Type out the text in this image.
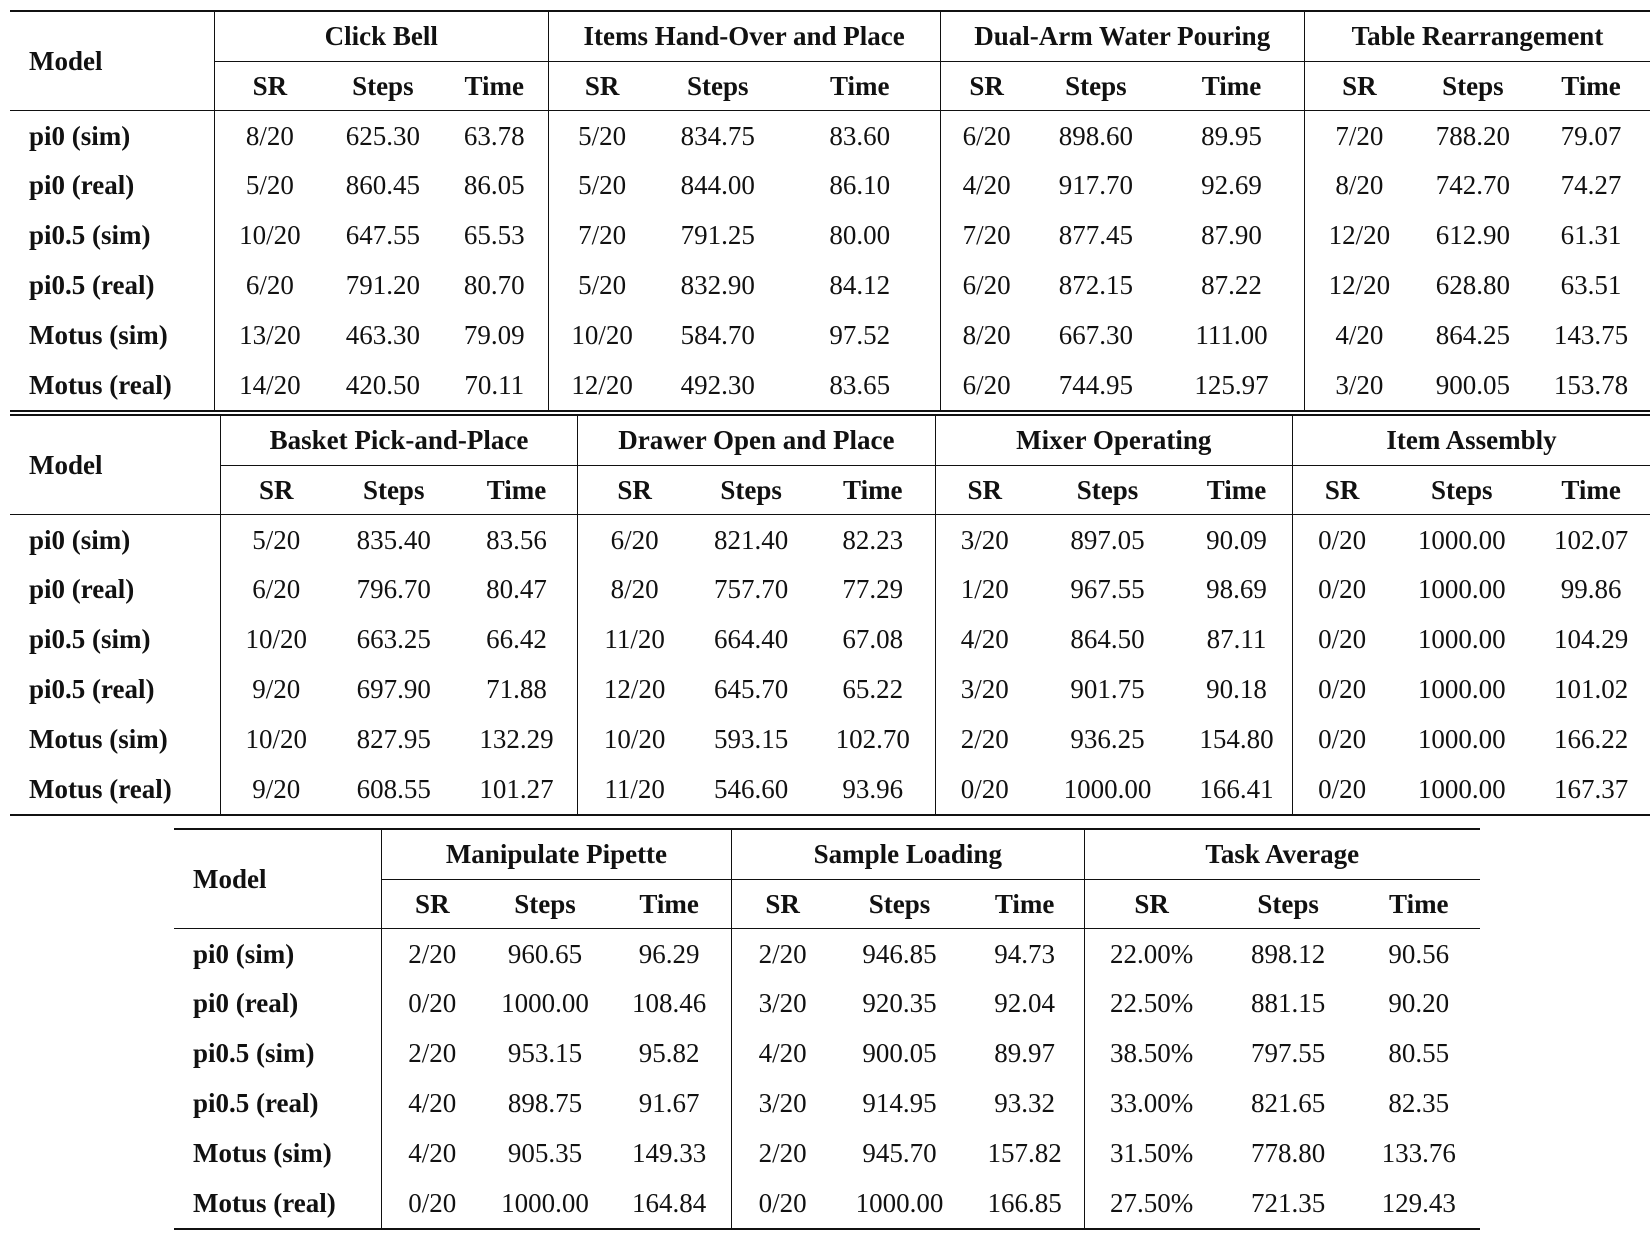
Model	Click Bell			Items Hand-Over and Place			Dual-Arm Water Pouring			Table Rearrangement		
	SR	Steps	Time	SR	Steps	Time	SR	Steps	Time	SR	Steps	Time
pi0 (sim)	8/20	625.30	63.78	5/20	834.75	83.60	6/20	898.60	89.95	7/20	788.20	79.07
pi0 (real)	5/20	860.45	86.05	5/20	844.00	86.10	4/20	917.70	92.69	8/20	742.70	74.27
pi0.5 (sim)	10/20	647.55	65.53	7/20	791.25	80.00	7/20	877.45	87.90	12/20	612.90	61.31
pi0.5 (real)	6/20	791.20	80.70	5/20	832.90	84.12	6/20	872.15	87.22	12/20	628.80	63.51
Motus (sim)	13/20	463.30	79.09	10/20	584.70	97.52	8/20	667.30	111.00	4/20	864.25	143.75
Motus (real)	14/20	420.50	70.11	12/20	492.30	83.65	6/20	744.95	125.97	3/20	900.05	153.78
Model	Basket Pick-and-Place			Drawer Open and Place			Mixer Operating			Item Assembly		
	SR	Steps	Time	SR	Steps	Time	SR	Steps	Time	SR	Steps	Time
pi0 (sim)	5/20	835.40	83.56	6/20	821.40	82.23	3/20	897.05	90.09	0/20	1000.00	102.07
pi0 (real)	6/20	796.70	80.47	8/20	757.70	77.29	1/20	967.55	98.69	0/20	1000.00	99.86
pi0.5 (sim)	10/20	663.25	66.42	11/20	664.40	67.08	4/20	864.50	87.11	0/20	1000.00	104.29
pi0.5 (real)	9/20	697.90	71.88	12/20	645.70	65.22	3/20	901.75	90.18	0/20	1000.00	101.02
Motus (sim)	10/20	827.95	132.29	10/20	593.15	102.70	2/20	936.25	154.80	0/20	1000.00	166.22
Motus (real)	9/20	608.55	101.27	11/20	546.60	93.96	0/20	1000.00	166.41	0/20	1000.00	167.37
Model	Manipulate Pipette			Sample Loading			Task Average		
	SR	Steps	Time	SR	Steps	Time	SR	Steps	Time
pi0 (sim)	2/20	960.65	96.29	2/20	946.85	94.73	22.00%	898.12	90.56
pi0 (real)	0/20	1000.00	108.46	3/20	920.35	92.04	22.50%	881.15	90.20
pi0.5 (sim)	2/20	953.15	95.82	4/20	900.05	89.97	38.50%	797.55	80.55
pi0.5 (real)	4/20	898.75	91.67	3/20	914.95	93.32	33.00%	821.65	82.35
Motus (sim)	4/20	905.35	149.33	2/20	945.70	157.82	31.50%	778.80	133.76
Motus (real)	0/20	1000.00	164.84	0/20	1000.00	166.85	27.50%	721.35	129.43
